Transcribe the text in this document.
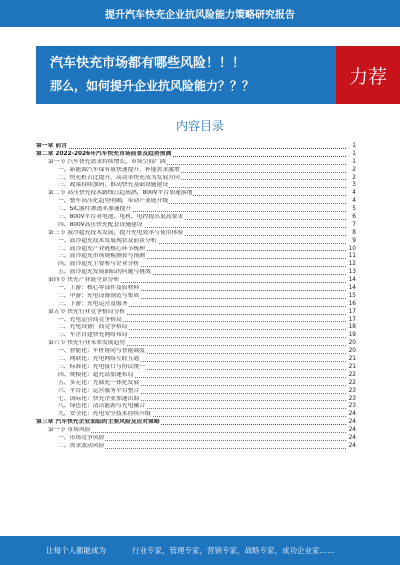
提升汽车快充企业抗风险能力策略研究报告
汽车快充市场都有哪些风险！！！
那么，如何提升企业抗风险能力？？？	力荐
内容目录
第一章 前言	1
第二章 2022-2026年汽车快充市场前景及趋势预测	1
第一节 汽车快充需求持续增长，市场空间广阔	1
一、新能源汽车保有量快速提升，补能需求激增	2
二、快充桩占比提升，高功率快充成为发展方向	2
三、政策持续加码，推动快充基础设施建设	3
第二节 高压快充技术路线日趋成熟，800V平台加速落地	4
一、整车高压化趋势明确，带动产业链升级	4
二、SiC器件渗透率加速提升	5
三、800V平台对电池、电机、电控提出更高要求	6
四、800V高压快充配套设施建设	7
第三节 液冷超充技术发展，提升充电效率与使用体验	8
一、液冷超充技术发展现状及前景分析	9
二、液冷超充产业链核心环节梳理	10
三、液冷超充市场规模测算与预测	11
四、液冷超充主要参与企业分析	12
五、液冷超充发展面临的问题与挑战	13
第四节 快充产业链全景分析	14
一、上游：核心零部件及原材料	14
二、中游：充电设备制造与集成	15
三、下游：充电运营及服务	16
第五节 快充行业竞争格局分析	17
一、充电运营商竞争格局	17
二、充电设备厂商竞争格局	18
三、车企自建快充网络布局	19
第六节 快充行业未来发展趋势	20
一、智能化：车桩协同与智能调度	20
二、网联化：充电网络互联互通	21
三、标准化：充电接口与协议统一	21
四、规模化：超充站加速布局	22
五、多元化：光储充一体化发展	22
六、平台化：运营服务平台整合	23
七、国际化：快充企业加速出海	23
八、绿色化：清洁能源与充电融合	23
九、安全化：充电安全技术持续升级	24
第三章 汽车快充企业面临的主要风险及应对策略	24
第一节 市场风险	24
一、市场竞争风险	24
二、需求波动风险	24
让每个人都能成为	行业专家，管理专家，营销专家，战略专家，成功企业家……
